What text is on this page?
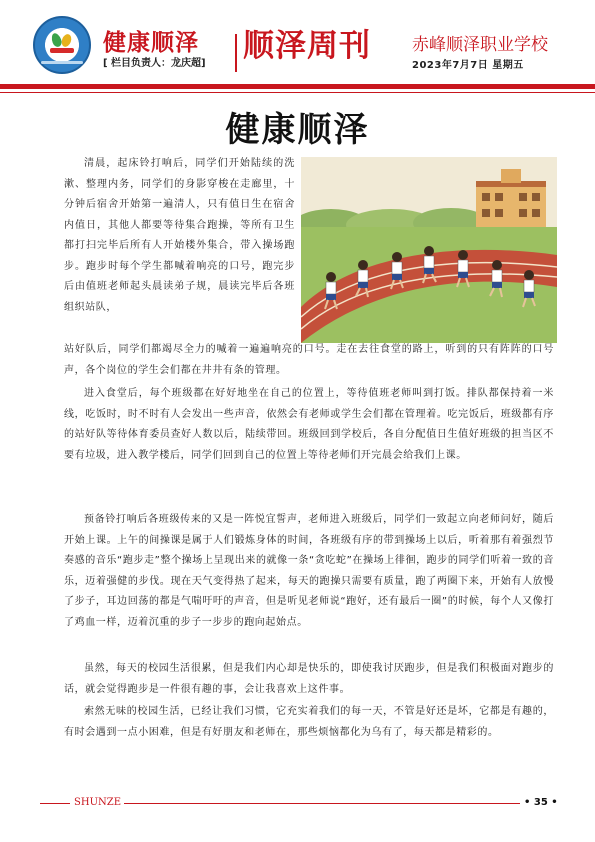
健康顺泽
[ 栏目负责人：龙庆超]	顺泽周刊	赤峰顺泽职业学校
2023年7月7日 星期五
健康顺泽

清晨，起床铃打响后，同学们开始陆续的洗漱、整理内务，同学们的身影穿梭在走廊里，十分钟后宿舍开始第一遍清人，只有值日生在宿舍内值日，其他人都要等待集合跑操，等所有卫生都打扫完毕后所有人开始楼外集合，带入操场跑步。跑步时每个学生都喊着响亮的口号，跑完步后由值班老师起头晨读弟子规，晨读完毕后各班组织站队，

站好队后，同学们都竭尽全力的喊着一遍遍响亮的口号。走在去往食堂的路上，听到的只有阵阵的口号声，各个岗位的学生会们都在井井有条的管理。

进入食堂后，每个班级都在好好地坐在自己的位置上，等待值班老师叫到打饭。排队都保持着一米线，吃饭时，时不时有人会发出一些声音，依然会有老师或学生会们都在管理着。吃完饭后，班级都有序的站好队等待体育委员查好人数以后，陆续带回。班级回到学校后，各自分配值日生值好班级的担当区不要有垃圾，进入教学楼后，同学们回到自己的位置上等待老师们开完晨会给我们上课。

预备铃打响后各班级传来的又是一阵悦宜誓声，老师进入班级后，同学们一致起立向老师问好，随后开始上课。上午的间操课是属于人们锻炼身体的时间，各班级有序的带到操场上以后，听着那有着强烈节奏感的音乐“跑步走”整个操场上呈现出来的就像一条“贪吃蛇”在操场上徘徊，跑步的同学们听着一致的音乐，迈着强健的步伐。现在天气变得热了起来，每天的跑操只需要有质量，跑了两圈下来，开始有人放慢了步子，耳边回荡的都是气喘吁吁的声音，但是听见老师说“跑好，还有最后一圈”的时候，每个人又像打了鸡血一样，迈着沉重的步子一步步的跑向起始点。

虽然，每天的校园生活很累，但是我们内心却是快乐的，即使我讨厌跑步，但是我们积极面对跑步的话，就会觉得跑步是一件很有趣的事，会让我喜欢上这件事。

索然无味的校园生活，已经让我们习惯，它充实着我们的每一天，不管是好还是坏，它都是有趣的，有时会遇到一点小困难，但是有好朋友和老师在，那些烦恼都化为乌有了，每天都是精彩的。

SHUNZE	• 35 •
